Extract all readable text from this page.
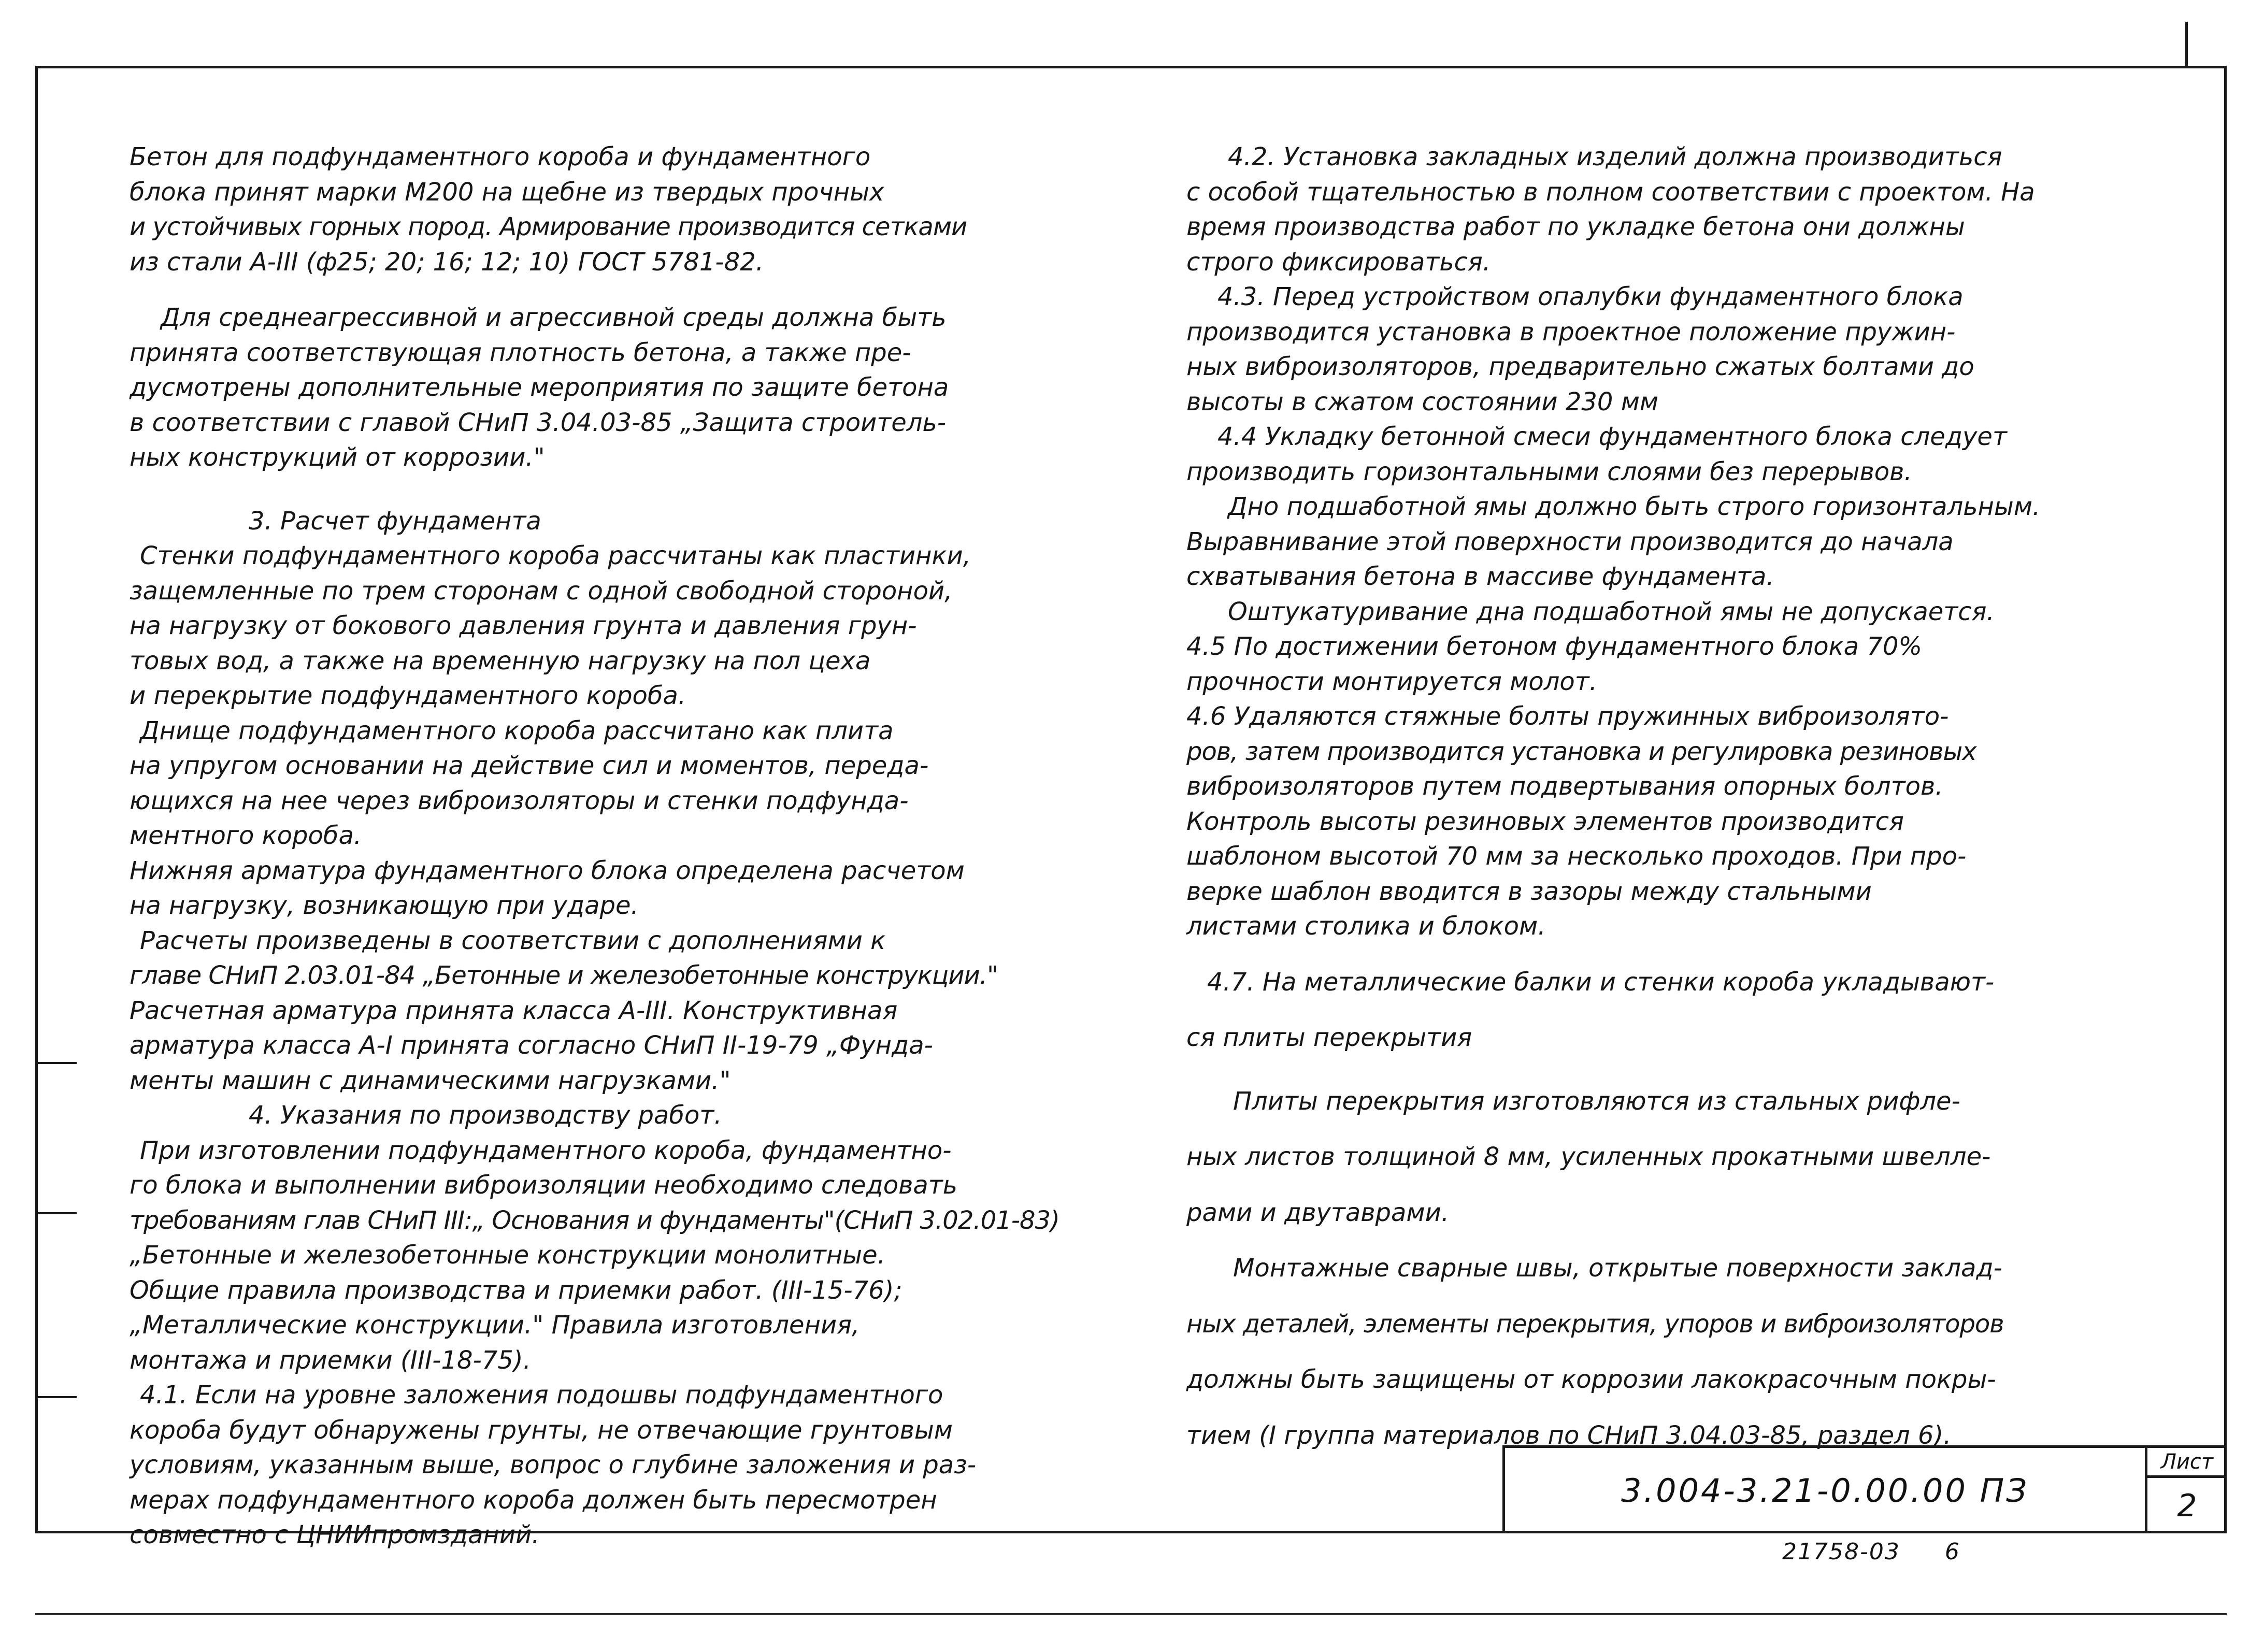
Бетон для подфундаментного короба и фундаментного
блока принят марки М200 на щебне из твердых прочных
и устойчивых горных пород. Армирование производится сетками
из стали А-III (ф25; 20; 16; 12; 10) ГОСТ 5781-82.
Для среднеагрессивной и агрессивной среды должна быть
принята соответствующая плотность бетона, а также пре-
дусмотрены дополнительные мероприятия по защите бетона
в соответствии с главой СНиП 3.04.03-85 „Защита строитель-
ных конструкций от коррозии."
3. Расчет фундамента
Стенки подфундаментного короба рассчитаны как пластинки,
защемленные по трем сторонам с одной свободной стороной,
на нагрузку от бокового давления грунта и давления грун-
товых вод, а также на временную нагрузку на пол цеха
и перекрытие подфундаментного короба.
Днище подфундаментного короба рассчитано как плита
на упругом основании на действие сил и моментов, переда-
ющихся на нее через виброизоляторы и стенки подфунда-
ментного короба.
Нижняя арматура фундаментного блока определена расчетом
на нагрузку, возникающую при ударе.
Расчеты произведены в соответствии с дополнениями к
главе СНиП 2.03.01-84 „Бетонные и железобетонные конструкции."
Расчетная арматура принята класса А-III. Конструктивная
арматура класса А-I принята согласно СНиП II-19-79 „Фунда-
менты машин с динамическими нагрузками."
4. Указания по производству работ.
При изготовлении подфундаментного короба, фундаментно-
го блока и выполнении виброизоляции необходимо следовать
требованиям глав СНиП III:„ Основания и фундаменты"(СНиП 3.02.01-83)
„Бетонные и железобетонные конструкции монолитные.
Общие правила производства и приемки работ. (III-15-76);
„Металлические конструкции." Правила изготовления,
монтажа и приемки (III-18-75).
4.1. Если на уровне заложения подошвы подфундаментного
короба будут обнаружены грунты, не отвечающие грунтовым
условиям, указанным выше, вопрос о глубине заложения и раз-
мерах подфундаментного короба должен быть пересмотрен
совместно с ЦНИИпромзданий.
4.2. Установка закладных изделий должна производиться
с особой тщательностью в полном соответствии с проектом. На
время производства работ по укладке бетона они должны
строго фиксироваться.
4.3. Перед устройством опалубки фундаментного блока
производится установка в проектное положение пружин-
ных виброизоляторов, предварительно сжатых болтами до
высоты в сжатом состоянии 230 мм
4.4 Укладку бетонной смеси фундаментного блока следует
производить горизонтальными слоями без перерывов.
Дно подшаботной ямы должно быть строго горизонтальным.
Выравнивание этой поверхности производится до начала
схватывания бетона в массиве фундамента.
Оштукатуривание дна подшаботной ямы не допускается.
4.5 По достижении бетоном фундаментного блока 70%
прочности монтируется молот.
4.6 Удаляются стяжные болты пружинных виброизолято-
ров, затем производится установка и регулировка резиновых
виброизоляторов путем подвертывания опорных болтов.
Контроль высоты резиновых элементов производится
шаблоном высотой 70 мм за несколько проходов. При про-
верке шаблон вводится в зазоры между стальными
листами столика и блоком.
4.7. На металлические балки и стенки короба укладывают-
ся плиты перекрытия
Плиты перекрытия изготовляются из стальных рифле-
ных листов толщиной 8 мм, усиленных прокатными швелле-
рами и двутаврами.
Монтажные сварные швы, открытые поверхности заклад-
ных деталей, элементы перекрытия, упоров и виброизоляторов
должны быть защищены от коррозии лакокрасочным покры-
тием (I группа материалов по СНиП 3.04.03-85, раздел 6).
3.004-3.21-0.00.00 ПЗ
Лист
2
21758-03 6
